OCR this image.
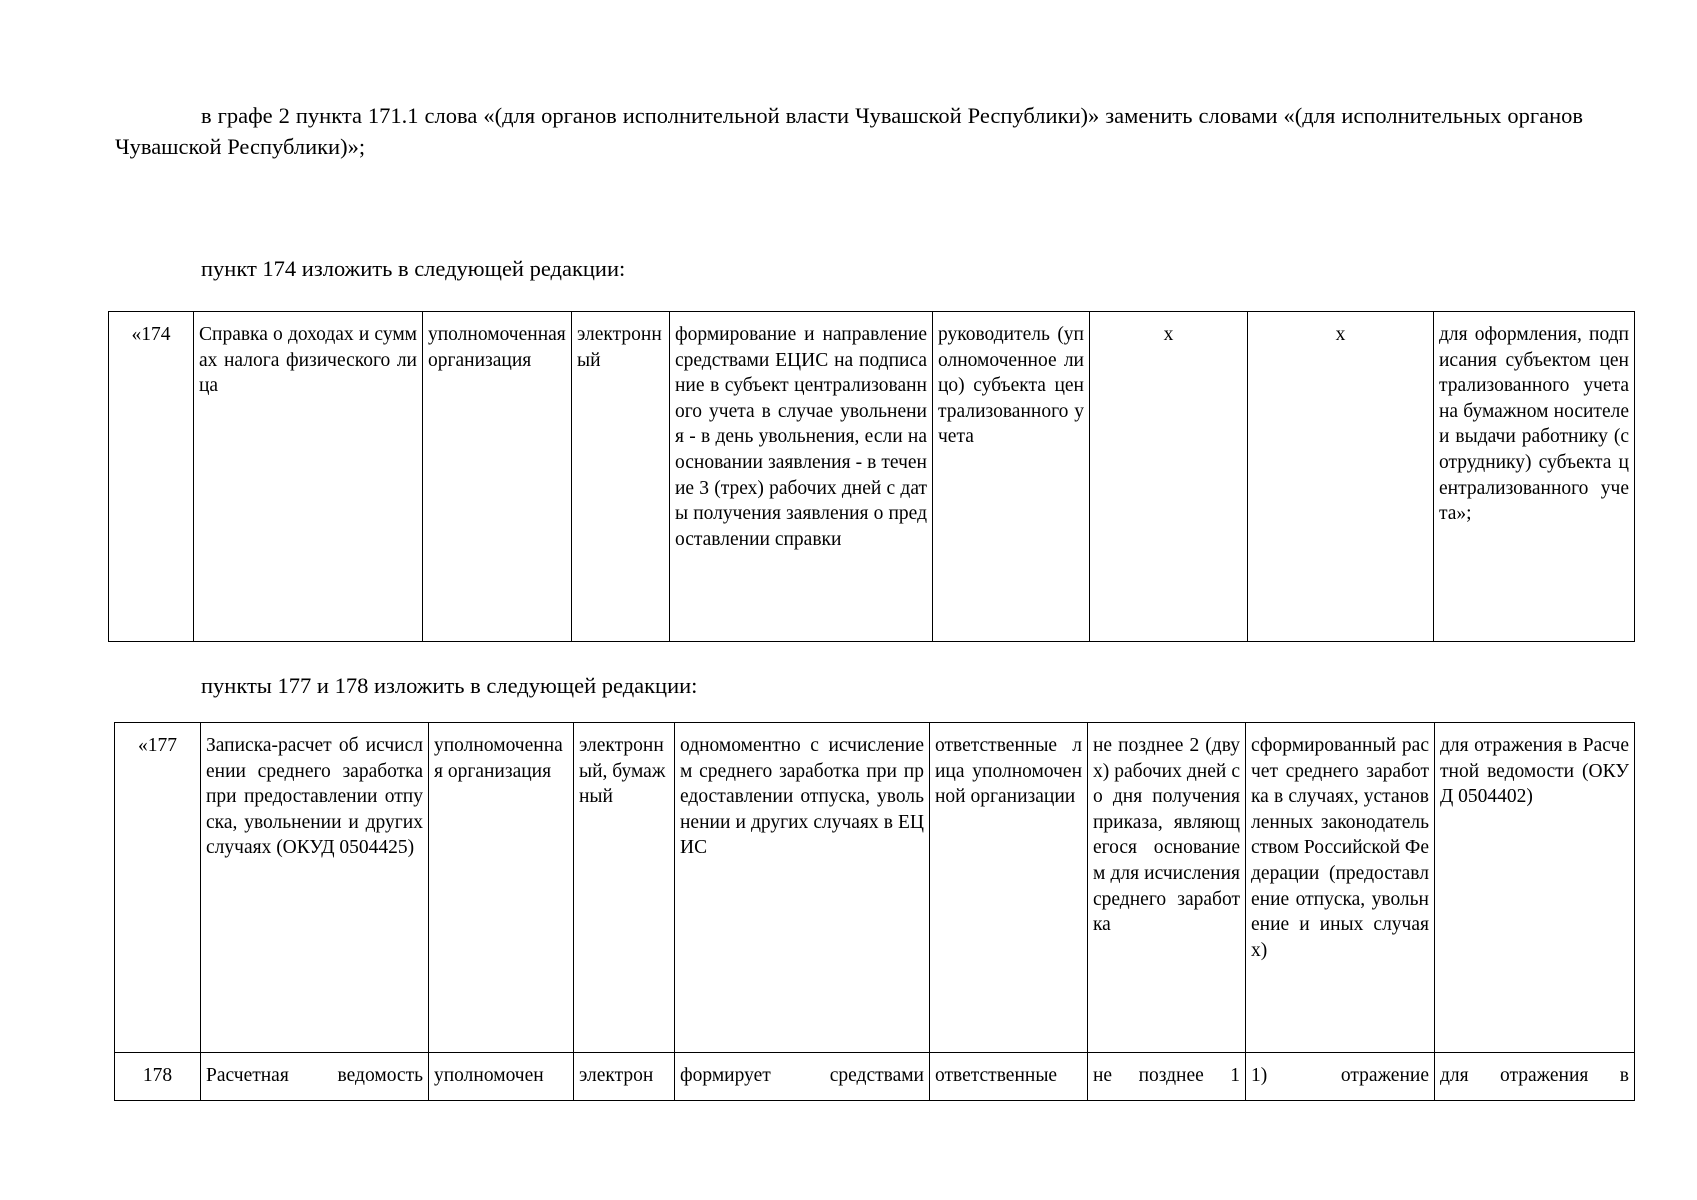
в графе 2 пункта 171.1 слова «(для органов исполнительной власти Чувашской Республики)» заменить словами «(для исполнительных органов Чувашской Республики)»;

пункт 174 изложить в следующей редакции:

«174	Справка о доходах и суммах налога физического лица	уполномоченная организация	электронный	формирование и направление средствами ЕЦИС на подписание в субъект централизованного учета в случае увольнения - в день увольнения, если на основании заявления - в течение 3 (трех) рабочих дней с даты получения заявления о предоставлении справки	руководитель (уполномоченное лицо) субъекта централизованного учета	х	х	для оформления, подписания субъектом централизованного учета на бумажном носителе и выдачи работнику (сотруднику) субъекта централизованного учета»;

пункты 177 и 178 изложить в следующей редакции:

«177	Записка-расчет об исчислении среднего заработка при предоставлении отпуска, увольнении и других случаях (ОКУД 0504425)	уполномоченная организация	электронный, бумажный	одномоментно с исчислением среднего заработка при предоставлении отпуска, увольнении и других случаях в ЕЦИС	ответственные лица уполномоченной организации	не позднее 2 (двух) рабочих дней со дня получения приказа, являющегося основанием для исчисления среднего заработка	сформированный расчет среднего заработка в случаях, установленных законодательством Российской Федерации (предоставление отпуска, увольнение и иных случаях)	для отражения в Расчетной ведомости (ОКУД 0504402)
178	Расчетная ведомость	уполномочен	электрон	формирует средствами	ответственные	не позднее 1	1) отражение	для отражения в
